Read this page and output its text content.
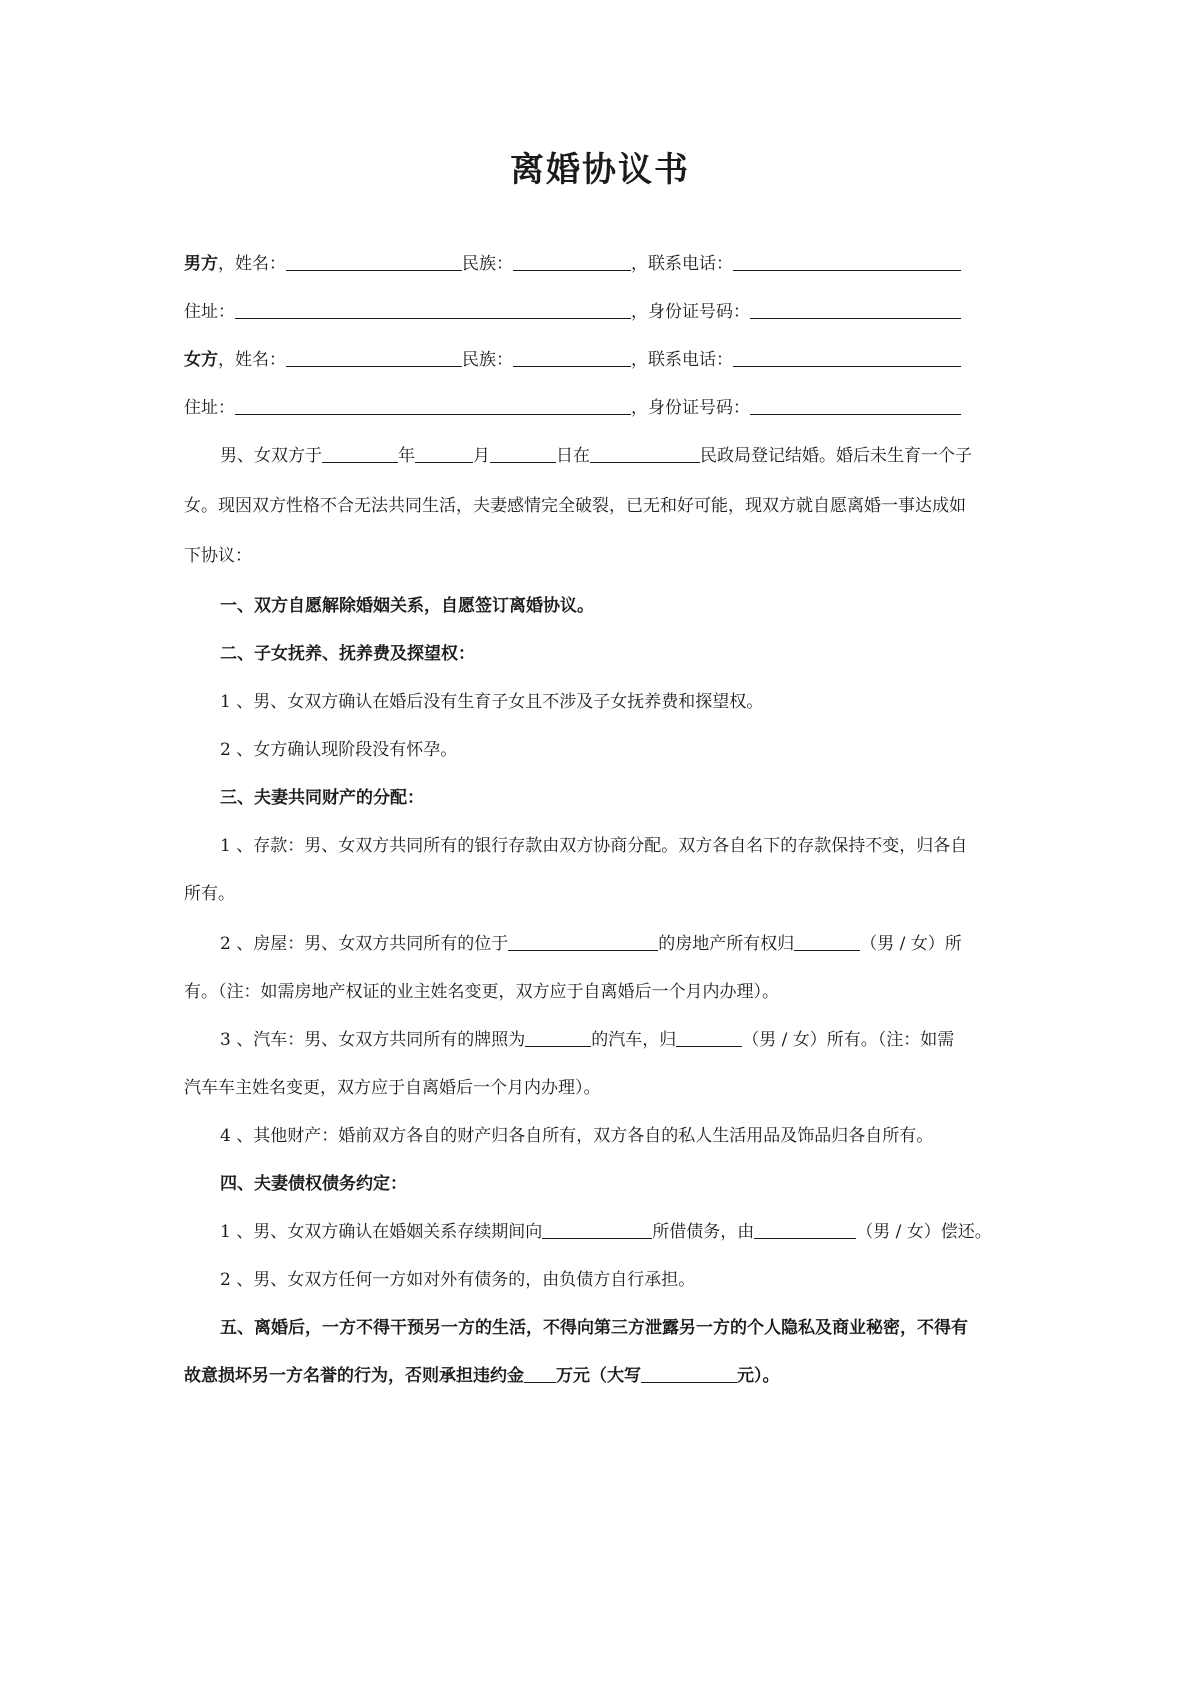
离婚协议书
男方，姓名：	民族：	，联系电话：
住址：	，身份证号码：
女方，姓名：	民族：	，联系电话：
住址：	，身份证号码：
男、女双方于	年	月	日在	民政局登记结婚。婚后未生育一个子
女。现因双方性格不合无法共同生活，夫妻感情完全破裂，已无和好可能，现双方就自愿离婚一事达成如
下协议：
一、双方自愿解除婚姻关系，自愿签订离婚协议。
二、子女抚养、抚养费及探望权：
1 、男、女双方确认在婚后没有生育子女且不涉及子女抚养费和探望权。
2 、女方确认现阶段没有怀孕。
三、夫妻共同财产的分配：
1 、存款：男、女双方共同所有的银行存款由双方协商分配。双方各自名下的存款保持不变，归各自
所有。
2 、房屋：男、女双方共同所有的位于	的房地产所有权归	（男 / 女）所
有。（注：如需房地产权证的业主姓名变更，双方应于自离婚后一个月内办理）。
3 、汽车：男、女双方共同所有的牌照为	的汽车，归	（男 / 女）所有。（注：如需
汽车车主姓名变更，双方应于自离婚后一个月内办理）。
4 、其他财产：婚前双方各自的财产归各自所有，双方各自的私人生活用品及饰品归各自所有。
四、夫妻债权债务约定：
1 、男、女双方确认在婚姻关系存续期间向	所借债务，由	（男 / 女）偿还。
2 、男、女双方任何一方如对外有债务的，由负债方自行承担。
五、离婚后，一方不得干预另一方的生活，不得向第三方泄露另一方的个人隐私及商业秘密，不得有
故意损坏另一方名誉的行为，否则承担违约金 万元（大写	元）。
